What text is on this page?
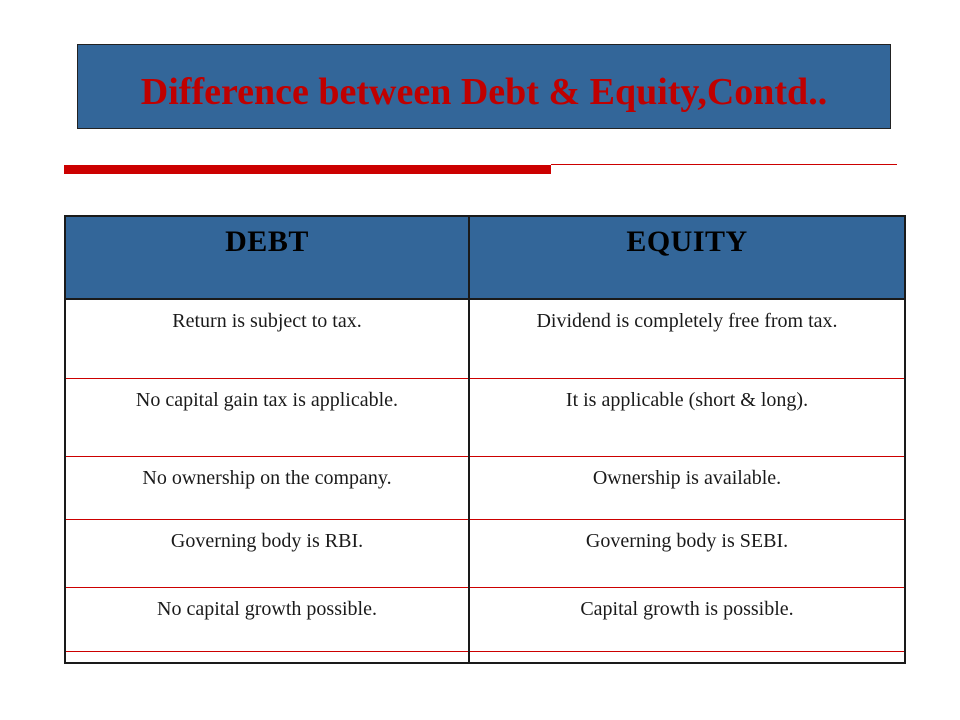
Difference between Debt & Equity,Contd..
DEBT	EQUITY
Return is subject to tax.	Dividend is completely free from tax.
No capital gain tax is applicable.	It is applicable (short & long).
No ownership on the company.	Ownership is available.
Governing body is RBI.	Governing body is SEBI.
No capital growth possible.	Capital growth is possible.
